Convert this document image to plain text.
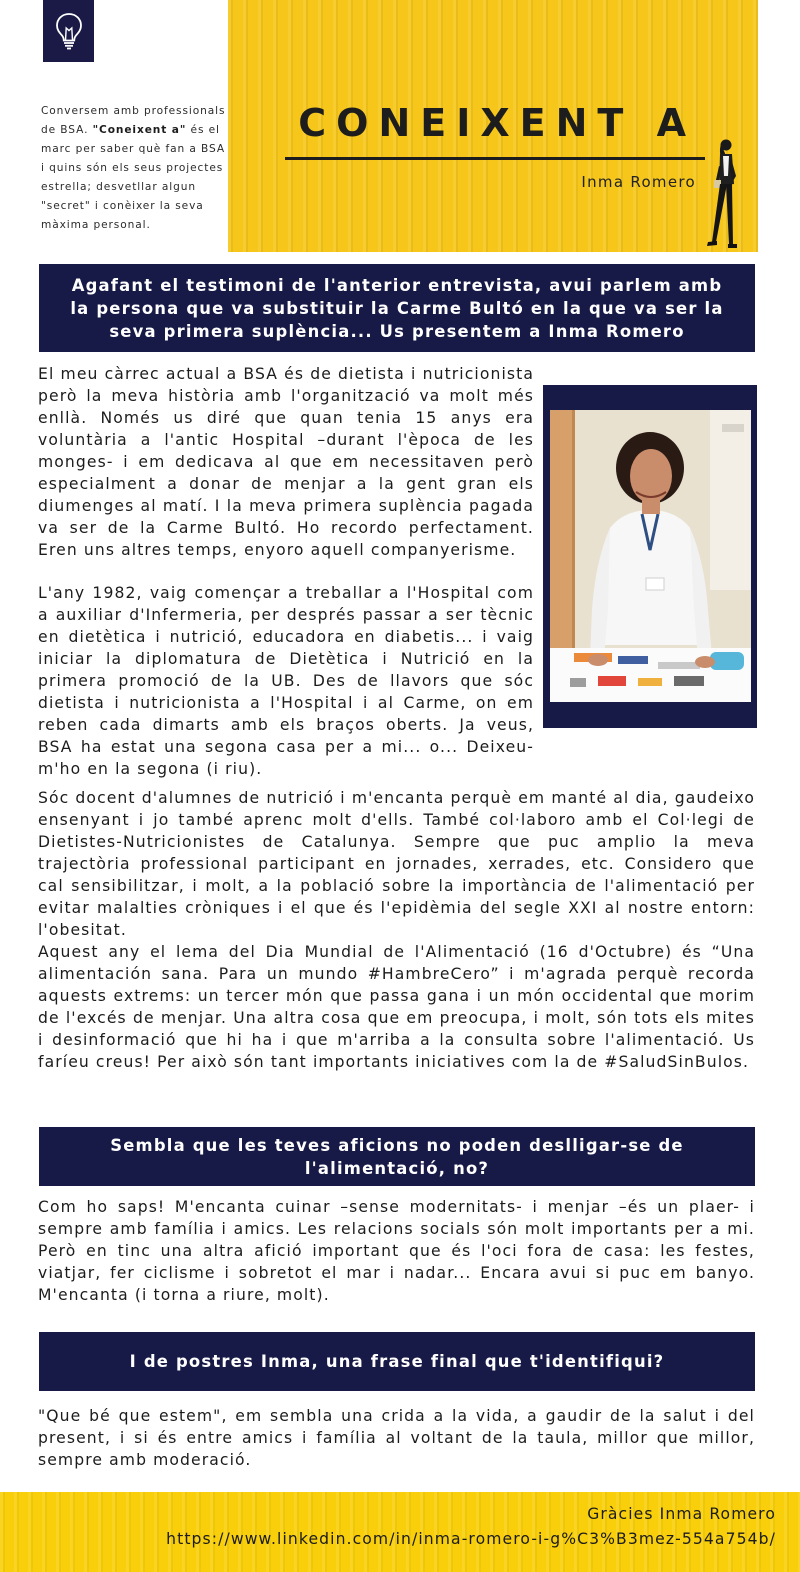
Conversem amb professionals de BSA. "Coneixent a" és el marc per saber què fan a BSA i quins són els seus projectes estrella; desvetllar algun "secret" i conèixer la seva màxima personal.
CONEIXENT A
Inma Romero
Agafant el testimoni de l'anterior entrevista, avui parlem amb la persona que va substituir la Carme Bultó en la que va ser la seva primera suplència... Us presentem a Inma Romero
El meu càrrec actual a BSA és de dietista i nutricionista però la meva història amb l'organització va molt més enllà. Només us diré que quan tenia 15 anys era voluntària a l'antic Hospital –durant l'època de les monges- i em dedicava al que em necessitaven però especialment a donar de menjar a la gent gran els diumenges al matí. I la meva primera suplència pagada va ser de la Carme Bultó. Ho recordo perfectament. Eren uns altres temps, enyoro aquell companyerisme.
L'any 1982, vaig començar a treballar a l'Hospital com a auxiliar d'Infermeria, per després passar a ser tècnic en dietètica i nutrició, educadora en diabetis... i vaig iniciar la diplomatura de Dietètica i Nutrició en la primera promoció de la UB. Des de llavors que sóc dietista i nutricionista a l'Hospital i al Carme, on em reben cada dimarts amb els braços oberts. Ja veus, BSA ha estat una segona casa per a mi... o... Deixeu-m'ho en la segona (i riu).
Sóc docent d'alumnes de nutrició i m'encanta perquè em manté al dia, gaudeixo ensenyant i jo també aprenc molt d'ells. També col·laboro amb el Col·legi de Dietistes-Nutricionistes de Catalunya. Sempre que puc amplio la meva trajectòria professional participant en jornades, xerrades, etc. Considero que cal sensibilitzar, i molt, a la població sobre la importància de l'alimentació per evitar malalties cròniques i el que és l'epidèmia del segle XXI al nostre entorn: l'obesitat.
Aquest any el lema del Dia Mundial de l'Alimentació (16 d'Octubre) és “Una alimentación sana. Para un mundo #HambreCero” i m'agrada perquè recorda aquests extrems: un tercer món que passa gana i un món occidental que morim de l'excés de menjar. Una altra cosa que em preocupa, i molt, són tots els mites i desinformació que hi ha i que m'arriba a la consulta sobre l'alimentació. Us faríeu creus! Per això són tant importants iniciatives com la de #SaludSinBulos.
Sembla que les teves aficions no poden deslligar-se de l'alimentació, no?
Com ho saps! M'encanta cuinar –sense modernitats- i menjar –és un plaer- i sempre amb família i amics. Les relacions socials són molt importants per a mi. Però en tinc una altra afició important que és l'oci fora de casa: les festes, viatjar, fer ciclisme i sobretot el mar i nadar... Encara avui si puc em banyo. M'encanta (i torna a riure, molt).
I de postres Inma, una frase final que t'identifiqui?
"Que bé que estem", em sembla una crida a la vida, a gaudir de la salut i del present, i si és entre amics i família al voltant de la taula, millor que millor, sempre amb moderació.
Gràcies Inma Romero
https://www.linkedin.com/in/inma-romero-i-g%C3%B3mez-554a754b/
